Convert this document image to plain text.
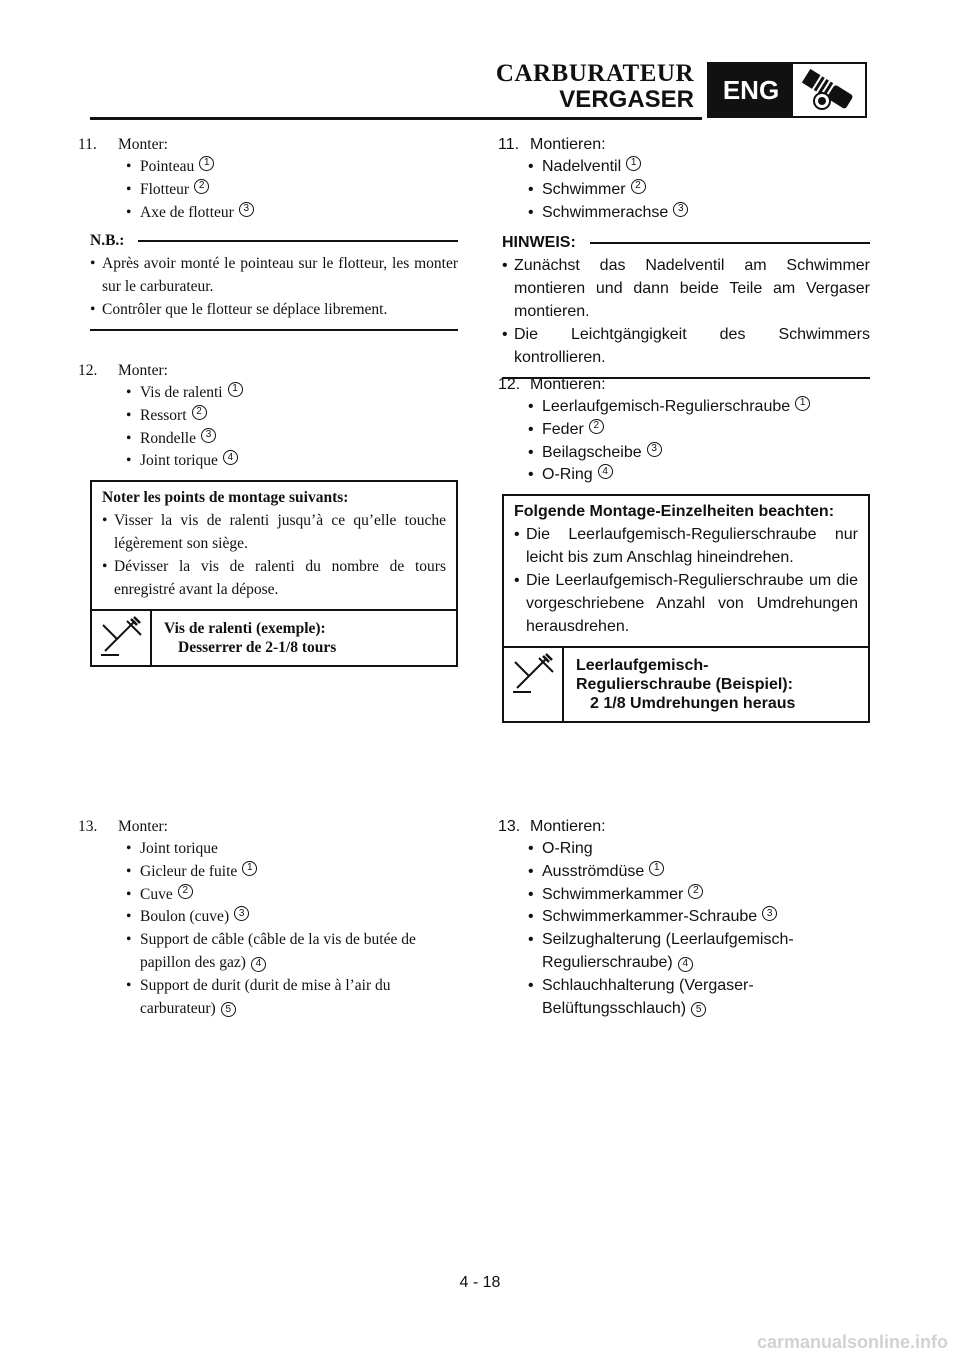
CARBURATEUR
VERGASER	ENG
11.	Monter:
• Pointeau 1
• Flotteur 2
• Axe de flotteur 3
N.B.:
• Après avoir monté le pointeau sur le flotteur, les monter sur le carburateur.
• Contrôler que le flotteur se déplace librement.
12.	Monter:
• Vis de ralenti 1
• Ressort 2
• Rondelle 3
• Joint torique 4
Noter les points de montage suivants:
• Visser la vis de ralenti jusqu’à ce qu’elle touche légèrement son siège.
• Dévisser la vis de ralenti du nombre de tours enregistré avant la dépose.
Vis de ralenti (exemple):
Desserrer de 2-1/8 tours
13.	Monter:
• Joint torique
• Gicleur de fuite 1
• Cuve 2
• Boulon (cuve) 3
• Support de câble (câble de la vis de butée de papillon des gaz) 4
• Support de durit (durit de mise à l’air du carburateur) 5
11. Montieren:
• Nadelventil 1
• Schwimmer 2
• Schwimmerachse 3
HINWEIS:
• Zunächst das Nadelventil am Schwimmer montieren und dann beide Teile am Vergaser montieren.
• Die Leichtgängigkeit des Schwimmers kontrollieren.
12. Montieren:
• Leerlaufgemisch-Regulierschraube 1
• Feder 2
• Beilagscheibe 3
• O-Ring 4
Folgende Montage-Einzelheiten beachten:
• Die Leerlaufgemisch-Regulierschraube nur leicht bis zum Anschlag hineindrehen.
• Die Leerlaufgemisch-Regulierschraube um die vorgeschriebene Anzahl von Umdrehungen herausdrehen.
Leerlaufgemisch-Regulierschraube (Beispiel):
2 1/8 Umdrehungen heraus
13. Montieren:
• O-Ring
• Ausströmdüse 1
• Schwimmerkammer 2
• Schwimmerkammer-Schraube 3
• Seilzughalterung (Leerlaufgemisch-Regulierschraube) 4
• Schlauchhalterung (Vergaser-Belüftungsschlauch) 5
4 - 18
carmanualsonline.info
